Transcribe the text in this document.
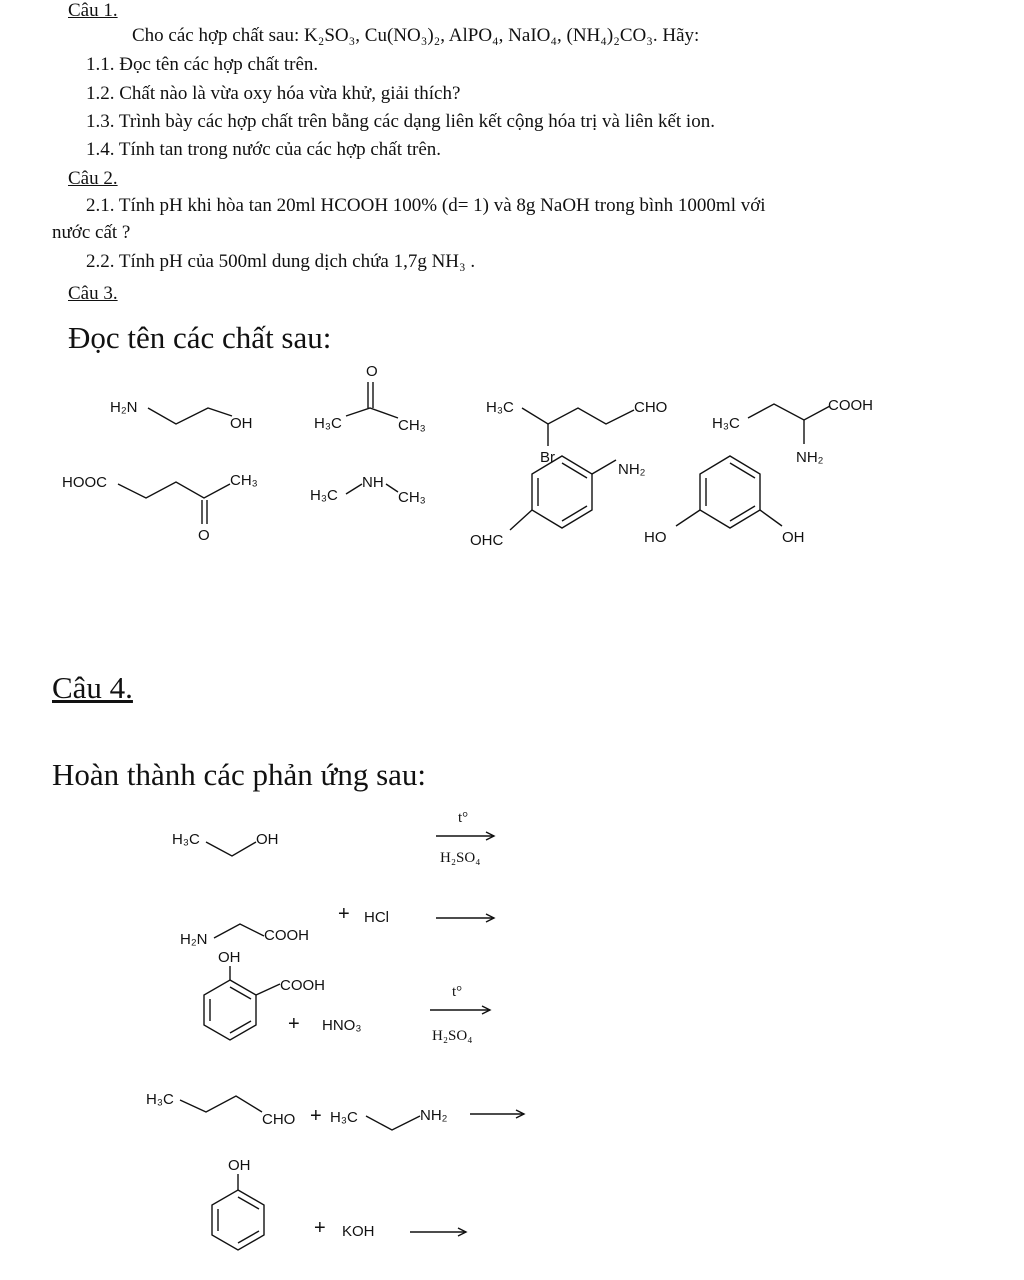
Câu 1.
Cho các hợp chất sau: K₂SO₃, Cu(NO₃)₂, AlPO₄, NaIO₄, (NH₄)₂CO₃. Hãy:
1.1. Đọc tên các hợp chất trên.
1.2. Chất nào là vừa oxy hóa vừa khử, giải thích?
1.3. Trình bày các hợp chất trên bằng các dạng liên kết cộng hóa trị và liên kết ion.
1.4. Tính tan trong nước của các hợp chất trên.
Câu 2.
2.1. Tính pH khi hòa tan 20ml HCOOH 100% (d= 1) và 8g NaOH trong bình 1000ml với
nước cất ?
2.2. Tính pH của 500ml dung dịch chứa 1,7g NH₃ .
Câu 3.
Đọc tên các chất sau:
H₂N
OH
O
H₃C	CH₃
H₃C
Br
CHO
H₃C
COOH
NH₂
HOOC
O
CH₃
H₃C
NH
CH₃
NH₂
OHC	HO	OH
H₃C	OH
t°
H₂SO₄
H₂N	COOH
+ HCl
OH
COOH
+ HNO₃
t°
H₂SO₄
H₃C
CHO + H₃C	NH₂
OH
+ KOH
Câu 4.
Hoàn thành các phản ứng sau:
